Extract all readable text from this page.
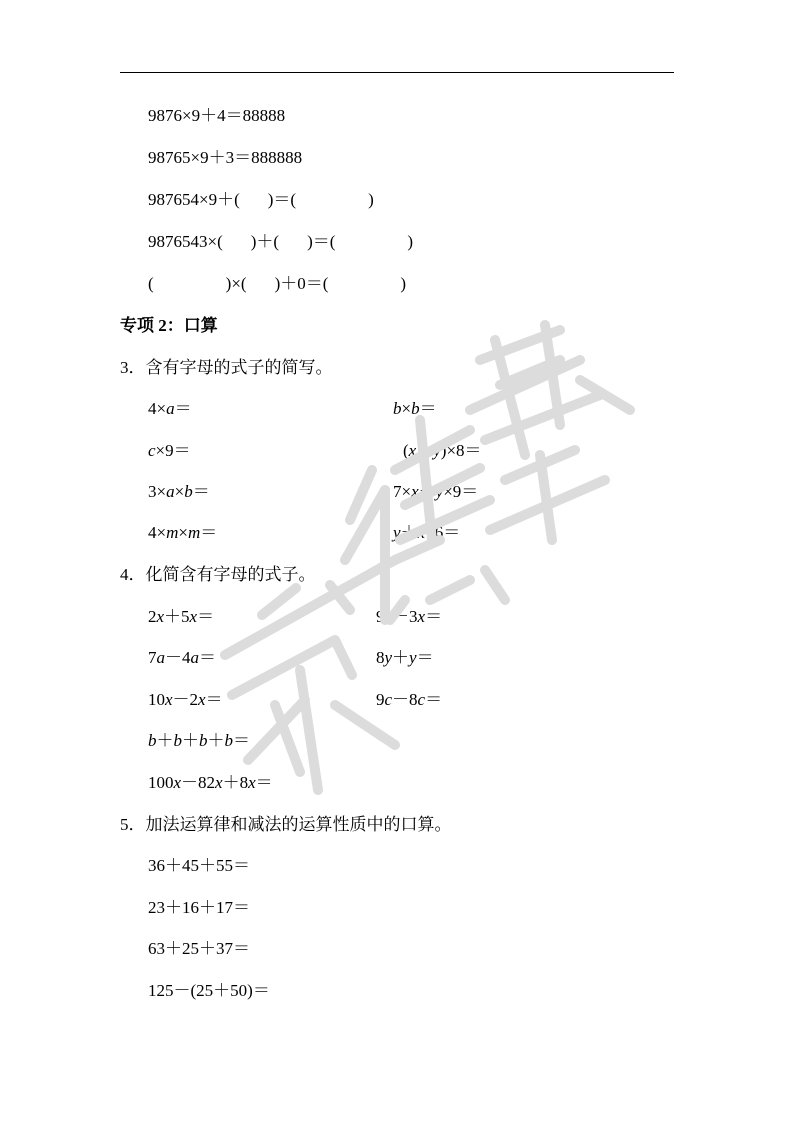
9876×9＋4＝88888
98765×9＋3＝888888
987654×9＋( )＝(	)
9876543×( )＋( )＝(	)
(	)×( )＋0＝(	)
专项 2：口算
3．含有字母的式子的简写。
4×a＝	b×b＝
c×9＝	(x＋y)×8＝
3×a×b＝	7×x＋y×9＝
4×m×m＝	y＋x×6＝
4．化简含有字母的式子。
2x＋5x＝	9x－3x＝
7a－4a＝	8y＋y＝
10x－2x＝	9c－8c＝
b＋b＋b＋b＝
100x－82x＋8x＝
5．加法运算律和减法的运算性质中的口算。
36＋45＋55＝
23＋16＋17＝
63＋25＋37＝
125－(25＋50)＝
